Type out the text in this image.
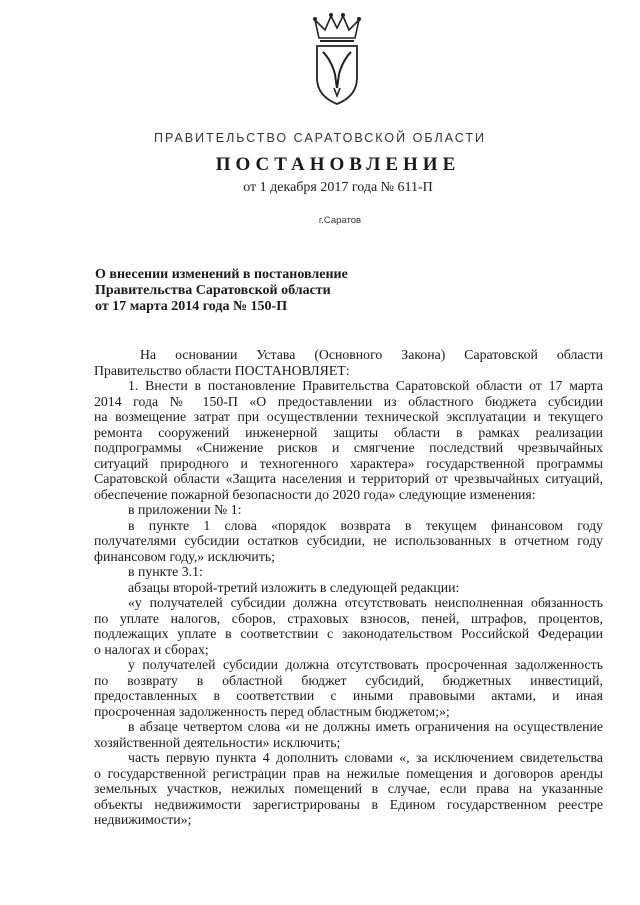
ПРАВИТЕЛЬСТВО САРАТОВСКОЙ ОБЛАСТИ
ПОСТАНОВЛЕНИЕ
от 1 декабря 2017 года № 611-П
г.Саратов
О внесении изменений в постановление
Правительства Саратовской области
от 17 марта 2014 года № 150-П

На основании Устава (Основного Закона) Саратовской области

Правительство области ПОСТАНОВЛЯЕТ:

1. Внести в постановление Правительства Саратовской области от 17 марта

2014 года № 150-П «О предоставлении из областного бюджета субсидии

на возмещение затрат при осуществлении технической эксплуатации и текущего

ремонта сооружений инженерной защиты области в рамках реализации

подпрограммы «Снижение рисков и смягчение последствий чрезвычайных

ситуаций природного и техногенного характера» государственной программы

Саратовской области «Защита населения и территорий от чрезвычайных ситуаций,

обеспечение пожарной безопасности до 2020 года» следующие изменения:

в приложении № 1:

в пункте 1 слова «порядок возврата в текущем финансовом году

получателями субсидии остатков субсидии, не использованных в отчетном году

финансовом году,» исключить;

в пункте 3.1:

абзацы второй-третий изложить в следующей редакции:

«у получателей субсидии должна отсутствовать неисполненная обязанность

по уплате налогов, сборов, страховых взносов, пеней, штрафов, процентов,

подлежащих уплате в соответствии с законодательством Российской Федерации

о налогах и сборах;

у получателей субсидии должна отсутствовать просроченная задолженность

по возврату в областной бюджет субсидий, бюджетных инвестиций,

предоставленных в соответствии с иными правовыми актами, и иная

просроченная задолженность перед областным бюджетом;»;

в абзаце четвертом слова «и не должны иметь ограничения на осуществление

хозяйственной деятельности» исключить;

часть первую пункта 4 дополнить словами «, за исключением свидетельства

о государственной регистрации прав на нежилые помещения и договоров аренды

земельных участков, нежилых помещений в случае, если права на указанные

объекты недвижимости зарегистрированы в Едином государственном реестре

недвижимости»;
